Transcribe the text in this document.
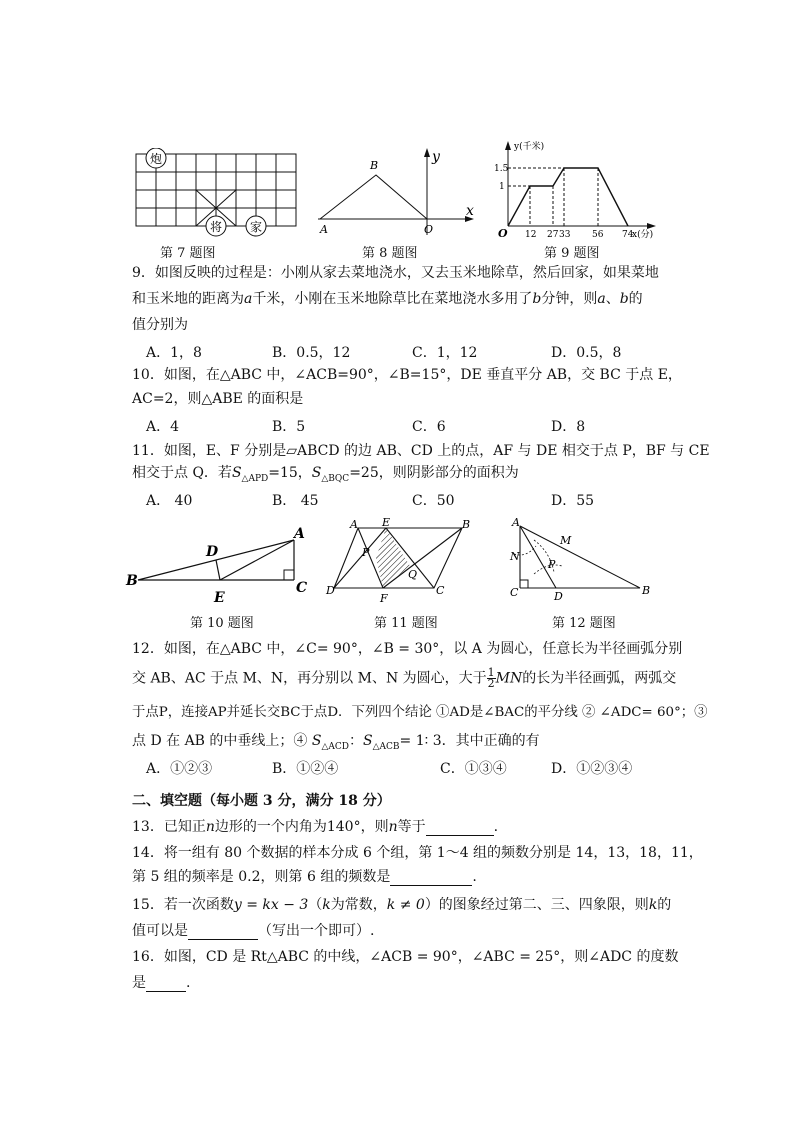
炮
将 家
第 7 题图
B
A	O
x
y
第 8 题图
y(千米)
x(分)
O
1.5
1
12 27 33 56 74
第 9 题图
9．如图反映的过程是：小刚从家去菜地浇水，又去玉米地除草，然后回家，如果菜地
和玉米地的距离为a千米，小刚在玉米地除草比在菜地浇水多用了b分钟，则a、b的
值分别为
A．1，8	B．0.5，12	C．1，12	D．0.5，8
10．如图，在△ABC 中，∠ACB=90°，∠B=15°，DE 垂直平分 AB，交 BC 于点 E，
AC=2，则△ABE 的面积是
A．4	B．5	C．6	D．8
11．如图，E、F 分别是▱ABCD 的边 AB、CD 上的点，AF 与 DE 相交于点 P，BF 与 CE
相交于点 Q．若$S_{\triangle APD}=15$，$S_{\triangle BQC}=25$，则阴影部分的面积为
A． 40	B． 45	C．50	D．55
A
B	C
D
E
第 10 题图
A	B
C
D
E
F
P
Q
第 11 题图
A
B
C	D
M
N
P
第 12 题图
12．如图，在△ABC 中，∠C= 90°，∠B = 30°，以 A 为圆心，任意长为半径画弧分别
交 AB、AC 于点 M、N，再分别以 M、N 为圆心，大于 $\frac{1}{2}$ MN的长为半径画弧，两弧交
于点P，连接AP并延长交BC于点D．下列四个结论 ①AD是∠BAC的平分线 ② ∠ADC= 60°；③
点 D 在 AB 的中垂线上；④ $S_{\triangle ACD}$：$S_{\triangle ACB}=$ 1∶ 3．其中正确的有
A．①②③	B．①②④	C．①③④	D．①②③④
二、填空题（每小题 3 分，满分 18 分）
13．已知正n边形的一个内角为140°，则n等于	.
14．将一组有 80 个数据的样本分成 6 个组，第 1～4 组的频数分别是 14，13，18，11，
第 5 组的频率是 0.2，则第 6 组的频数是	.
15．若一次函数y = kx − 3（k为常数，k ≠ 0）的图象经过第二、三、四象限，则k的
值可以是	（写出一个即可）.
16．如图，CD 是 Rt△ABC 的中线，∠ACB = 90°，∠ABC = 25°，则∠ADC 的度数
是	.
